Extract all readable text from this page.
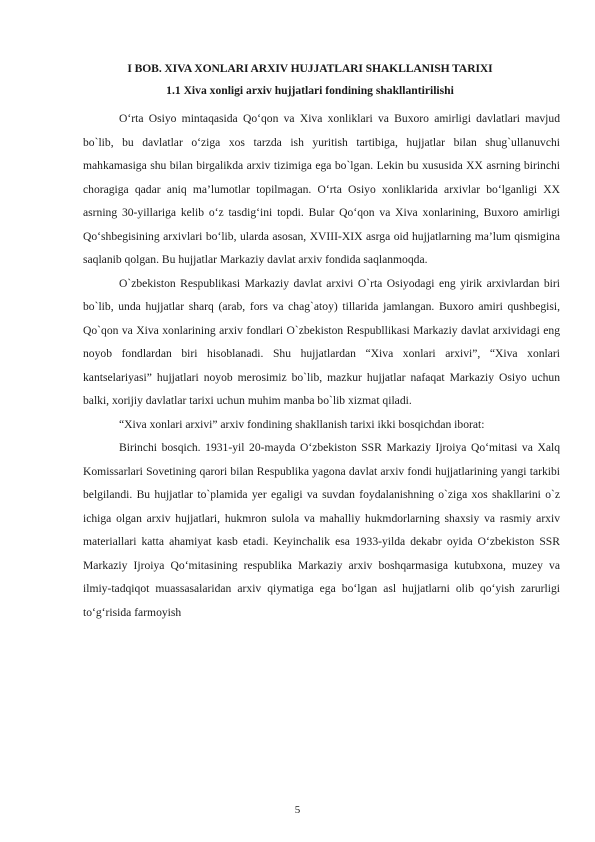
I BOB. XIVA XONLARI ARXIV HUJJATLARI SHAKLLANISH TARIXI
1.1 Xiva xonligi arxiv hujjatlari fondining shakllantirilishi

O‘rta Osiyo mintaqasida Qo‘qon va Xiva xonliklari va Buxoro amirligi davlatlari mavjud bo`lib, bu davlatlar o‘ziga xos tarzda ish yuritish tartibiga, hujjatlar bilan shug`ullanuvchi mahkamasiga shu bilan birgalikda arxiv tizimiga ega bo`lgan. Lekin bu xususida XX asrning birinchi choragiga qadar aniq ma’lumotlar topilmagan. O‘rta Osiyo xonliklarida arxivlar bo‘lganligi XX asrning 30-yillariga kelib o‘z tasdig‘ini topdi. Bular Qo‘qon va Xiva xonlarining, Buxoro amirligi Qo‘shbegisining arxivlari bo‘lib, ularda asosan, XVIII-XIX asrga oid hujjatlarning ma’lum qismigina saqlanib qolgan. Bu hujjatlar Markaziy davlat arxiv fondida saqlanmoqda.

O`zbekiston Respublikasi Markaziy davlat arxivi O`rta Osiyodagi eng yirik arxivlardan biri bo`lib, unda hujjatlar sharq (arab, fors va chag`atoy) tillarida jamlangan. Buxoro amiri qushbegisi, Qo`qon va Xiva xonlarining arxiv fondlari O`zbekiston Respubllikasi Markaziy davlat arxividagi eng noyob fondlardan biri hisoblanadi. Shu hujjatlardan “Xiva xonlari arxivi”, “Xiva xonlari kantselariyasi” hujjatlari noyob merosimiz bo`lib, mazkur hujjatlar nafaqat Markaziy Osiyo uchun balki, xorijiy davlatlar tarixi uchun muhim manba bo`lib xizmat qiladi.

“Xiva xonlari arxivi” arxiv fondining shakllanish tarixi ikki bosqichdan iborat:

Birinchi bosqich. 1931-yil 20-mayda O‘zbekiston SSR Markaziy Ijroiya Qo‘mitasi va Xalq Komissarlari Sovetining qarori bilan Respublika yagona davlat arxiv fondi hujjatlarining yangi tarkibi belgilandi. Bu hujjatlar to`plamida yer egaligi va suvdan foydalanishning o`ziga xos shakllarini o`z ichiga olgan arxiv hujjatlari, hukmron sulola va mahalliy hukmdorlarning shaxsiy va rasmiy arxiv materiallari katta ahamiyat kasb etadi. Keyinchalik esa 1933-yilda dekabr oyida O‘zbekiston SSR Markaziy Ijroiya Qo‘mitasining respublika Markaziy arxiv boshqarmasiga kutubxona, muzey va ilmiy-tadqiqot muassasalaridan arxiv qiymatiga ega bo‘lgan asl hujjatlarni olib qo‘yish zarurligi to‘g‘risida farmoyish

5
